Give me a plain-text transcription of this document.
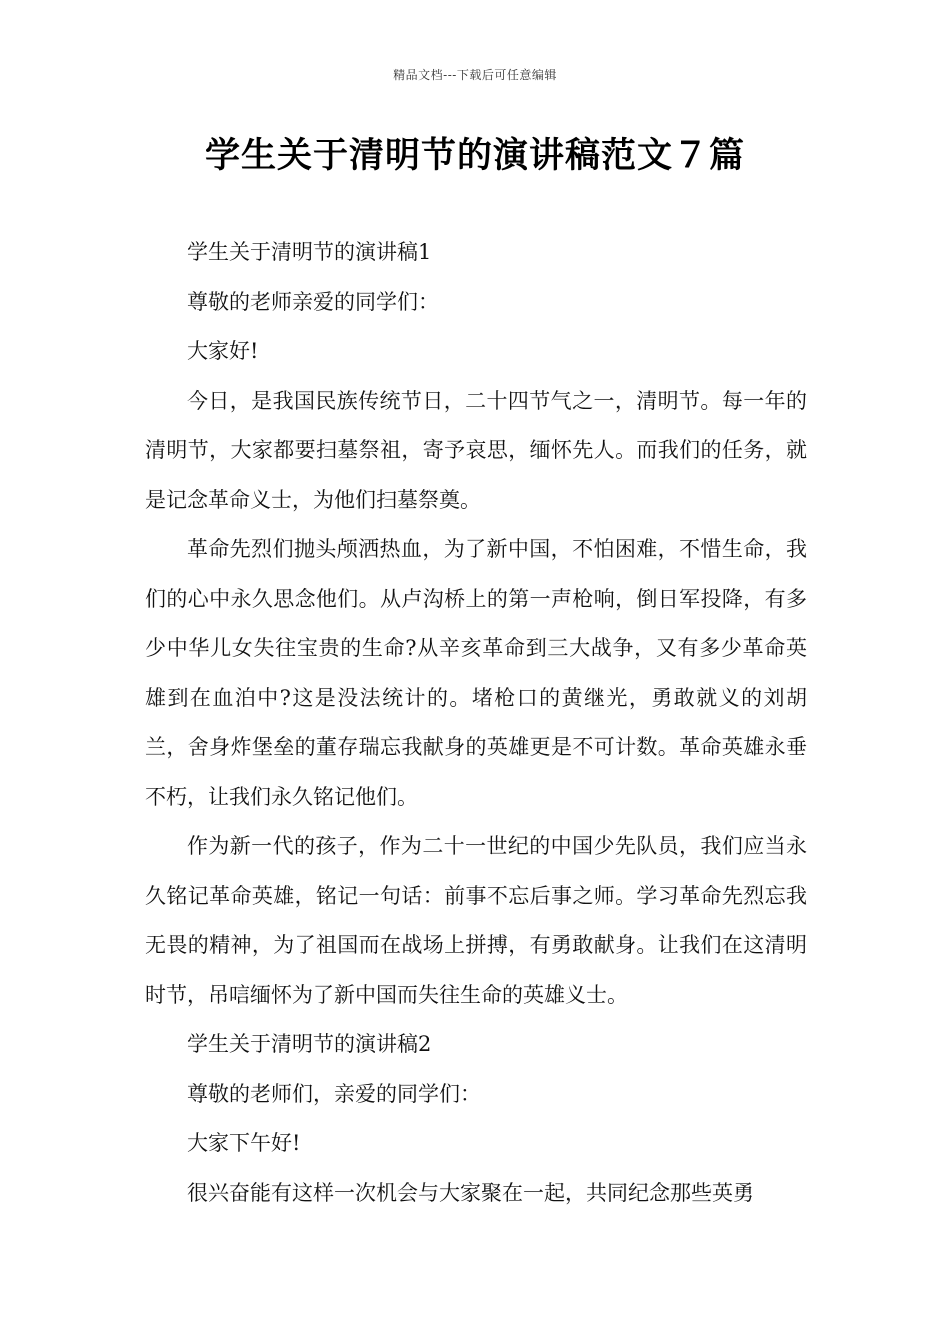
精品文档---下载后可任意编辑
学生关于清明节的演讲稿范文７篇

学生关于清明节的演讲稿1

尊敬的老师亲爱的同学们：

大家好!

今日，是我国民族传统节日，二十四节气之一，清明节。每一年的清明节，大家都要扫墓祭祖，寄予哀思，缅怀先人。而我们的任务，就是记念革命义士，为他们扫墓祭奠。

革命先烈们抛头颅洒热血，为了新中国，不怕困难，不惜生命，我们的心中永久思念他们。从卢沟桥上的第一声枪响，倒日军投降，有多少中华儿女失往宝贵的生命?从辛亥革命到三大战争，又有多少革命英雄到在血泊中?这是没法统计的。堵枪口的黄继光，勇敢就义的刘胡兰，舍身炸堡垒的董存瑞忘我献身的英雄更是不可计数。革命英雄永垂不朽，让我们永久铭记他们。

作为新一代的孩子，作为二十一世纪的中国少先队员，我们应当永久铭记革命英雄，铭记一句话：前事不忘后事之师。学习革命先烈忘我无畏的精神，为了祖国而在战场上拼搏，有勇敢献身。让我们在这清明时节，吊唁缅怀为了新中国而失往生命的英雄义士。

学生关于清明节的演讲稿2

尊敬的老师们，亲爱的同学们：

大家下午好!

很兴奋能有这样一次机会与大家聚在一起，共同纪念那些英勇
